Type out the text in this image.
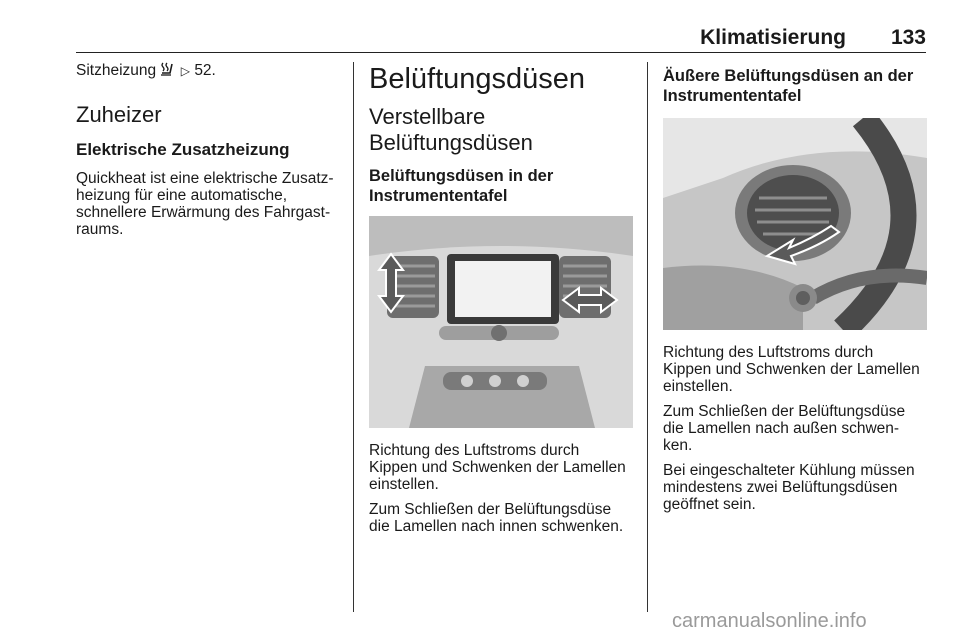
Klimatisierung 133

Sitzheizung ▷ 52.

Zuheizer
Elektrische Zusatzheizung

Quickheat ist eine elektrische Zusatz-
heizung für eine automatische,
schnellere Erwärmung des Fahrgast-
raums.

Belüftungsdüsen
Verstellbare
Belüftungsdüsen
Belüftungsdüsen in der
Instrumententafel

Richtung des Luftstroms durch
Kippen und Schwenken der Lamellen
einstellen.

Zum Schließen der Belüftungsdüse
die Lamellen nach innen schwenken.

Äußere Belüftungsdüsen an der
Instrumententafel

Richtung des Luftstroms durch
Kippen und Schwenken der Lamellen
einstellen.

Zum Schließen der Belüftungsdüse
die Lamellen nach außen schwen-
ken.

Bei eingeschalteter Kühlung müssen
mindestens zwei Belüftungsdüsen
geöffnet sein.

carmanualsonline.info
